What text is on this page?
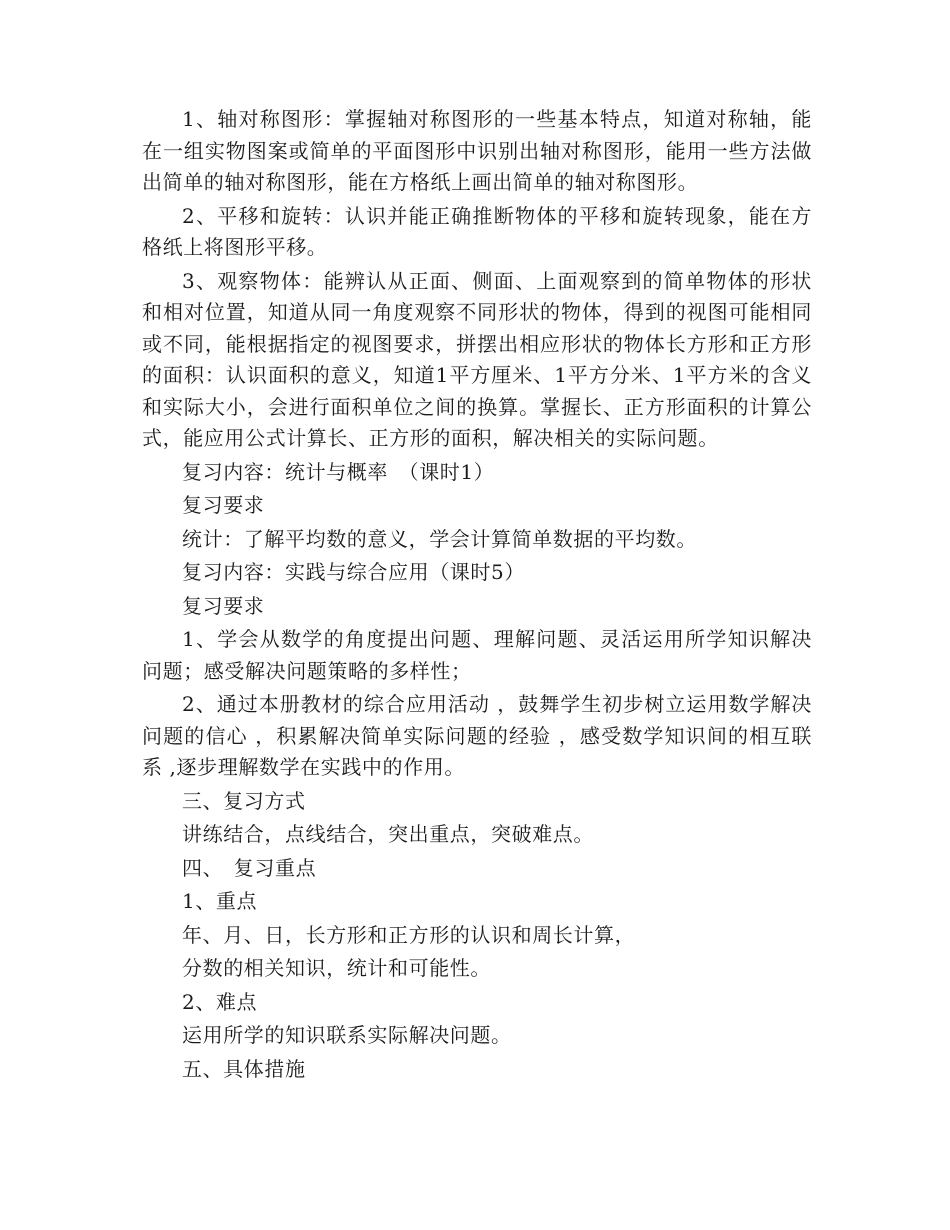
1、轴对称图形：掌握轴对称图形的一些基本特点，知道对称轴，能在一组实物图案或简单的平面图形中识别出轴对称图形，能用一些方法做出简单的轴对称图形，能在方格纸上画出简单的轴对称图形。

2、平移和旋转：认识并能正确推断物体的平移和旋转现象，能在方格纸上将图形平移。

3、观察物体：能辨认从正面、侧面、上面观察到的简单物体的形状和相对位置，知道从同一角度观察不同形状的物体，得到的视图可能相同或不同，能根据指定的视图要求，拼摆出相应形状的物体长方形和正方形的面积：认识面积的意义，知道1平方厘米、1平方分米、1平方米的含义和实际大小，会进行面积单位之间的换算。掌握长、正方形面积的计算公式，能应用公式计算长、正方形的面积，解决相关的实际问题。

复习内容：统计与概率　（课时1）

复习要求

统计：了解平均数的意义，学会计算简单数据的平均数。

复习内容：实践与综合应用（课时5）

复习要求

1、学会从数学的角度提出问题、理解问题、灵活运用所学知识解决问题；感受解决问题策略的多样性；

2、通过本册教材的综合应用活动 ，鼓舞学生初步树立运用数学解决问题的信心 ，积累解决简单实际问题的经验 ，感受数学知识间的相互联系 ,逐步理解数学在实践中的作用。

三、复习方式

讲练结合，点线结合，突出重点，突破难点。

四、　复习重点

1、重点

年、月、日，长方形和正方形的认识和周长计算，

分数的相关知识，统计和可能性。

2、难点

运用所学的知识联系实际解决问题。

五、具体措施
